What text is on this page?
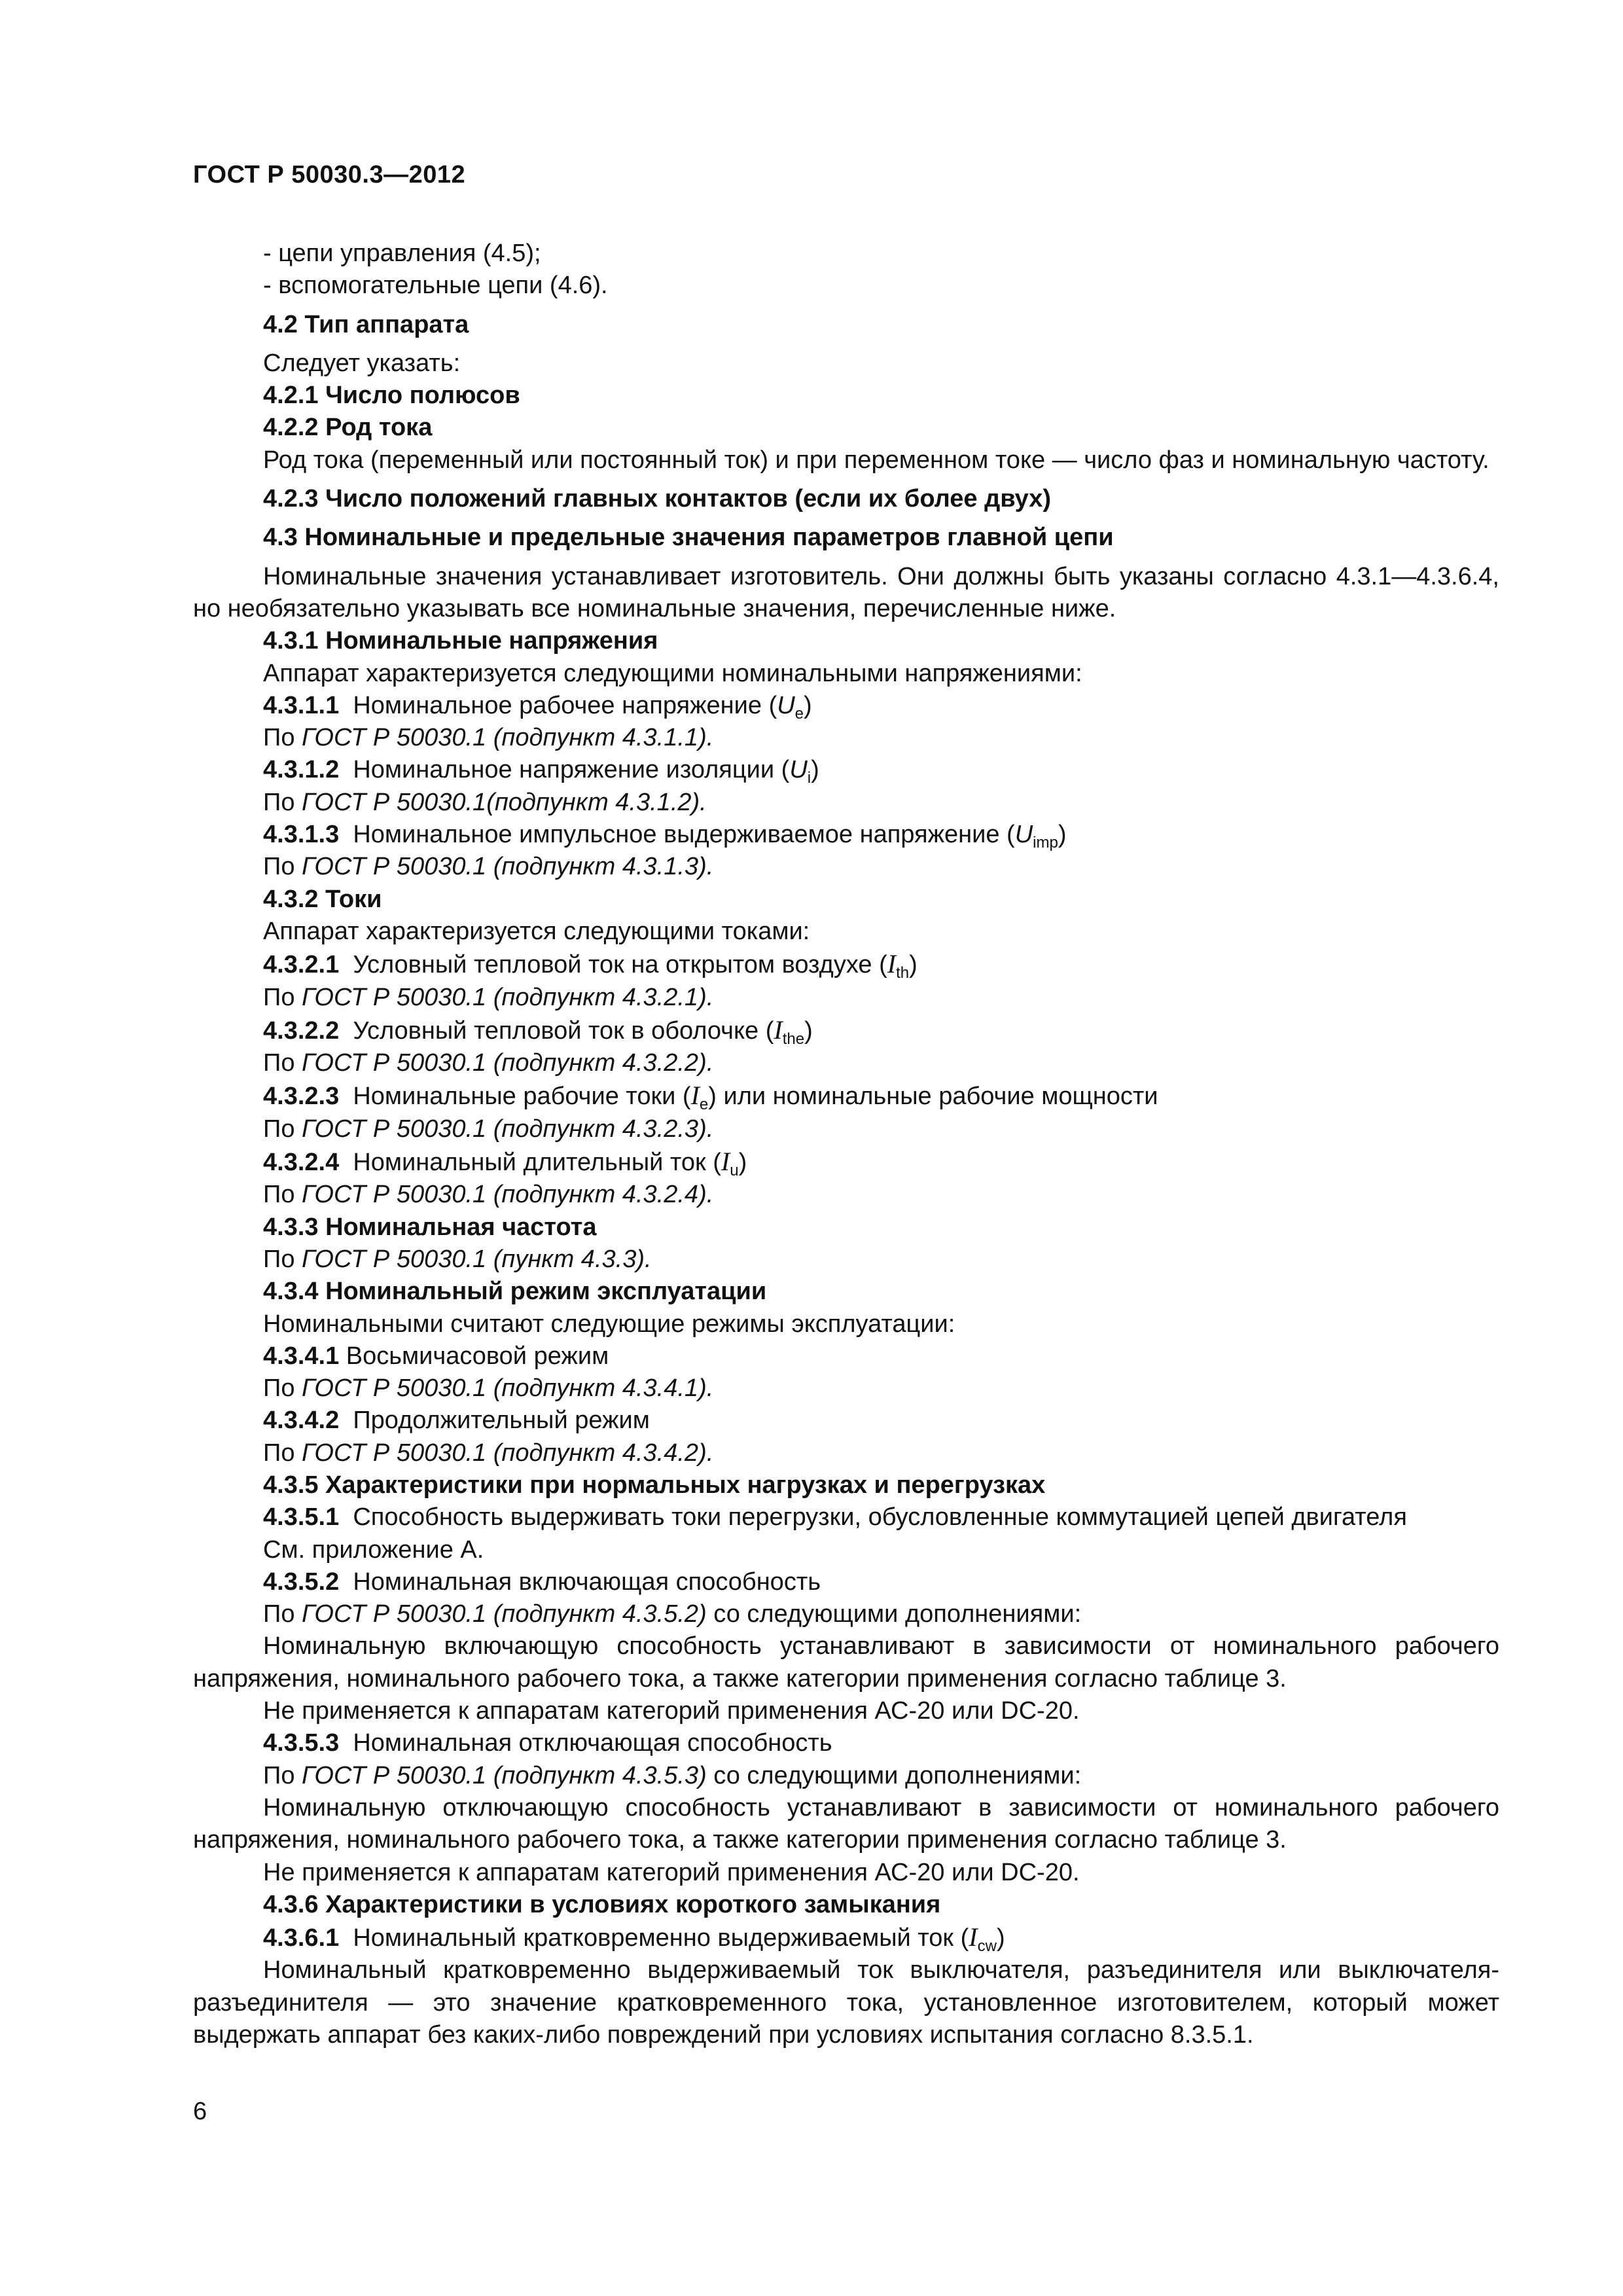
ГОСТ Р 50030.3—2012

- цепи управления (4.5);

- вспомогательные цепи (4.6).

4.2 Тип аппарата

Следует указать:

4.2.1 Число полюсов

4.2.2 Род тока

Род тока (переменный или постоянный ток) и при переменном токе — число фаз и номинальную частоту.

4.2.3 Число положений главных контактов (если их более двух)

4.3 Номинальные и предельные значения параметров главной цепи

Номинальные значения устанавливает изготовитель. Они должны быть указаны согласно 4.3.1—4.3.6.4, но необязательно указывать все номинальные значения, перечисленные ниже.

4.3.1 Номинальные напряжения

Аппарат характеризуется следующими номинальными напряжениями:

4.3.1.1 Номинальное рабочее напряжение $(U_e)$

По ГОСТ Р 50030.1 (подпункт 4.3.1.1).

4.3.1.2 Номинальное напряжение изоляции $(U_i)$

По ГОСТ Р 50030.1(подпункт 4.3.1.2).

4.3.1.3 Номинальное импульсное выдерживаемое напряжение $(U_{imp})$

По ГОСТ Р 50030.1 (подпункт 4.3.1.3).

4.3.2 Токи

Аппарат характеризуется следующими токами:

4.3.2.1 Условный тепловой ток на открытом воздухе $(I_{th})$

По ГОСТ Р 50030.1 (подпункт 4.3.2.1).

4.3.2.2 Условный тепловой ток в оболочке $(I_{the})$

По ГОСТ Р 50030.1 (подпункт 4.3.2.2).

4.3.2.3 Номинальные рабочие токи $(I_e)$ или номинальные рабочие мощности

По ГОСТ Р 50030.1 (подпункт 4.3.2.3).

4.3.2.4 Номинальный длительный ток $(I_u)$

По ГОСТ Р 50030.1 (подпункт 4.3.2.4).

4.3.3 Номинальная частота

По ГОСТ Р 50030.1 (пункт 4.3.3).

4.3.4 Номинальный режим эксплуатации

Номинальными считают следующие режимы эксплуатации:

4.3.4.1 Восьмичасовой режим

По ГОСТ Р 50030.1 (подпункт 4.3.4.1).

4.3.4.2 Продолжительный режим

По ГОСТ Р 50030.1 (подпункт 4.3.4.2).

4.3.5 Характеристики при нормальных нагрузках и перегрузках

4.3.5.1 Способность выдерживать токи перегрузки, обусловленные коммутацией цепей двигателя

См. приложение А.

4.3.5.2 Номинальная включающая способность

По ГОСТ Р 50030.1 (подпункт 4.3.5.2) со следующими дополнениями:

Номинальную включающую способность устанавливают в зависимости от номинального рабочего напряжения, номинального рабочего тока, а также категории применения согласно таблице 3.

Не применяется к аппаратам категорий применения АС-20 или DC-20.

4.3.5.3 Номинальная отключающая способность

По ГОСТ Р 50030.1 (подпункт 4.3.5.3) со следующими дополнениями:

Номинальную отключающую способность устанавливают в зависимости от номинального рабочего напряжения, номинального рабочего тока, а также категории применения согласно таблице 3.

Не применяется к аппаратам категорий применения АС-20 или DC-20.

4.3.6 Характеристики в условиях короткого замыкания

4.3.6.1 Номинальный кратковременно выдерживаемый ток $(I_{cw})$

Номинальный кратковременно выдерживаемый ток выключателя, разъединителя или выключателя-разъединителя — это значение кратковременного тока, установленное изготовителем, который может выдержать аппарат без каких-либо повреждений при условиях испытания согласно 8.3.5.1.

6
